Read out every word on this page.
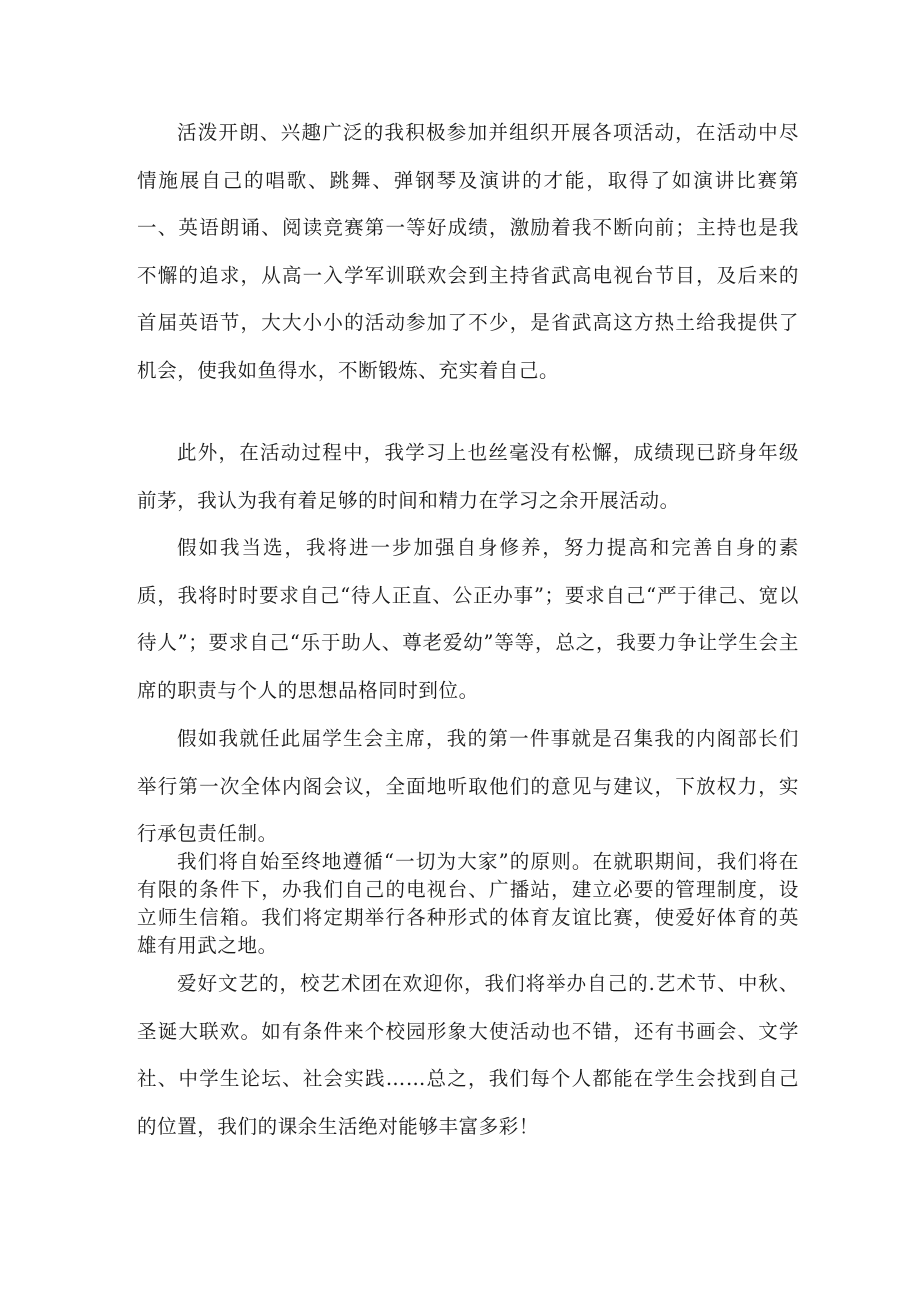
活泼开朗、兴趣广泛的我积极参加并组织开展各项活动，在活动中尽情施展自己的唱歌、跳舞、弹钢琴及演讲的才能，取得了如演讲比赛第一、英语朗诵、阅读竞赛第一等好成绩，激励着我不断向前；主持也是我不懈的追求，从高一入学军训联欢会到主持省武高电视台节目，及后来的首届英语节，大大小小的活动参加了不少，是省武高这方热土给我提供了机会，使我如鱼得水，不断锻炼、充实着自己。

此外，在活动过程中，我学习上也丝毫没有松懈，成绩现已跻身年级前茅，我认为我有着足够的时间和精力在学习之余开展活动。

假如我当选，我将进一步加强自身修养，努力提高和完善自身的素质，我将时时要求自己“待人正直、公正办事”；要求自己“严于律己、宽以待人”；要求自己“乐于助人、尊老爱幼”等等，总之，我要力争让学生会主席的职责与个人的思想品格同时到位。

假如我就任此届学生会主席，我的第一件事就是召集我的内阁部长们举行第一次全体内阁会议，全面地听取他们的意见与建议，下放权力，实行承包责任制。

我们将自始至终地遵循“一切为大家”的原则。在就职期间，我们将在有限的条件下，办我们自己的电视台、广播站，建立必要的管理制度，设立师生信箱。我们将定期举行各种形式的体育友谊比赛，使爱好体育的英雄有用武之地。

爱好文艺的，校艺术团在欢迎你，我们将举办自己的.艺术节、中秋、圣诞大联欢。如有条件来个校园形象大使活动也不错，还有书画会、文学社、中学生论坛、社会实践……总之，我们每个人都能在学生会找到自己的位置，我们的课余生活绝对能够丰富多彩！
